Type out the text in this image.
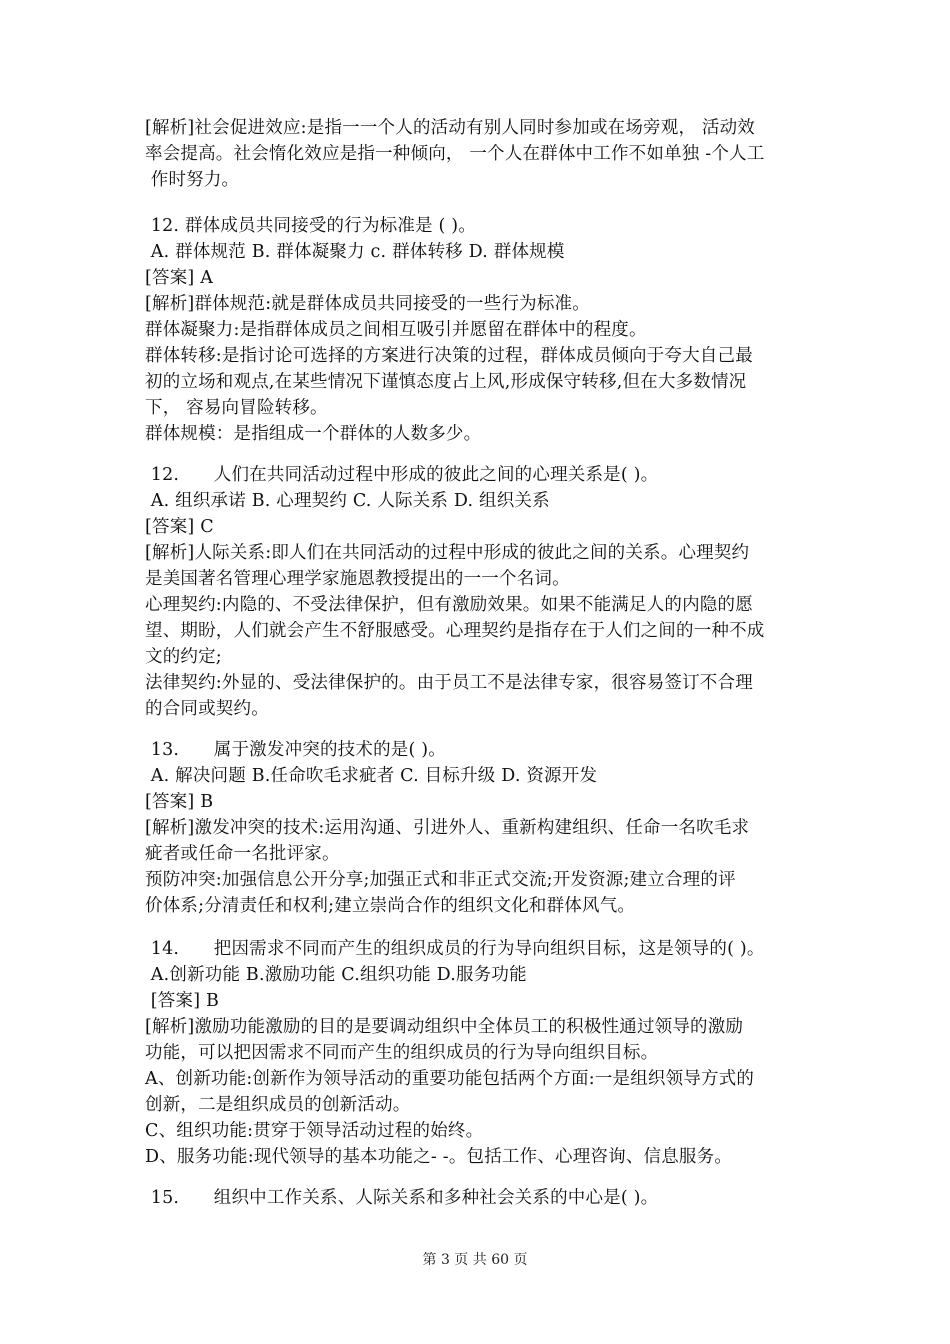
[解析]社会促进效应:是指一一个人的活动有别人同时参加或在场旁观， 活动效
率会提高。社会惰化效应是指一种倾向， 一个人在群体中工作不如单独 -个人工
作时努力。
12. 群体成员共同接受的行为标准是 ( )。
A. 群体规范 B. 群体凝聚力 c. 群体转移 D. 群体规模
[答案] A
[解析]群体规范:就是群体成员共同接受的一些行为标准。
群体凝聚力:是指群体成员之间相互吸引并愿留在群体中的程度。
群体转移:是指讨论可选择的方案进行决策的过程，群体成员倾向于夸大自己最
初的立场和观点,在某些情况下谨慎态度占上风,形成保守转移,但在大多数情况
下， 容易向冒险转移。
群体规模：是指组成一个群体的人数多少。
12.      人们在共同活动过程中形成的彼此之间的心理关系是( )。
A. 组织承诺 B. 心理契约 C. 人际关系 D. 组织关系
[答案] C
[解析]人际关系:即人们在共同活动的过程中形成的彼此之间的关系。心理契约
是美国著名管理心理学家施恩教授提出的一一个名词。
心理契约:内隐的、不受法律保护，但有激励效果。如果不能满足人的内隐的愿
望、期盼，人们就会产生不舒服感受。心理契约是指存在于人们之间的一种不成
文的约定;
法律契约:外显的、受法律保护的。由于员工不是法律专家，很容易签订不合理
的合同或契约。
13.      属于激发冲突的技术的是( )。
A. 解决问题 B.任命吹毛求疵者 C. 目标升级 D. 资源开发
[答案] B
[解析]激发冲突的技术:运用沟通、引进外人、重新构建组织、任命一名吹毛求
疵者或任命一名批评家。
预防冲突:加强信息公开分享;加强正式和非正式交流;开发资源;建立合理的评
价体系;分清责任和权利;建立崇尚合作的组织文化和群体风气。
14.      把因需求不同而产生的组织成员的行为导向组织目标，这是领导的( )。
A.创新功能 B.激励功能 C.组织功能 D.服务功能
[答案] B
[解析]激励功能激励的目的是要调动组织中全体员工的积极性通过领导的激励
功能，可以把因需求不同而产生的组织成员的行为导向组织目标。
A、创新功能:创新作为领导活动的重要功能包括两个方面:一是组织领导方式的
创新，二是组织成员的创新活动。
C、组织功能:贯穿于领导活动过程的始终。
D、服务功能:现代领导的基本功能之- -。包括工作、心理咨询、信息服务。
15.      组织中工作关系、人际关系和多种社会关系的中心是( )。
第 3 页 共 60 页
